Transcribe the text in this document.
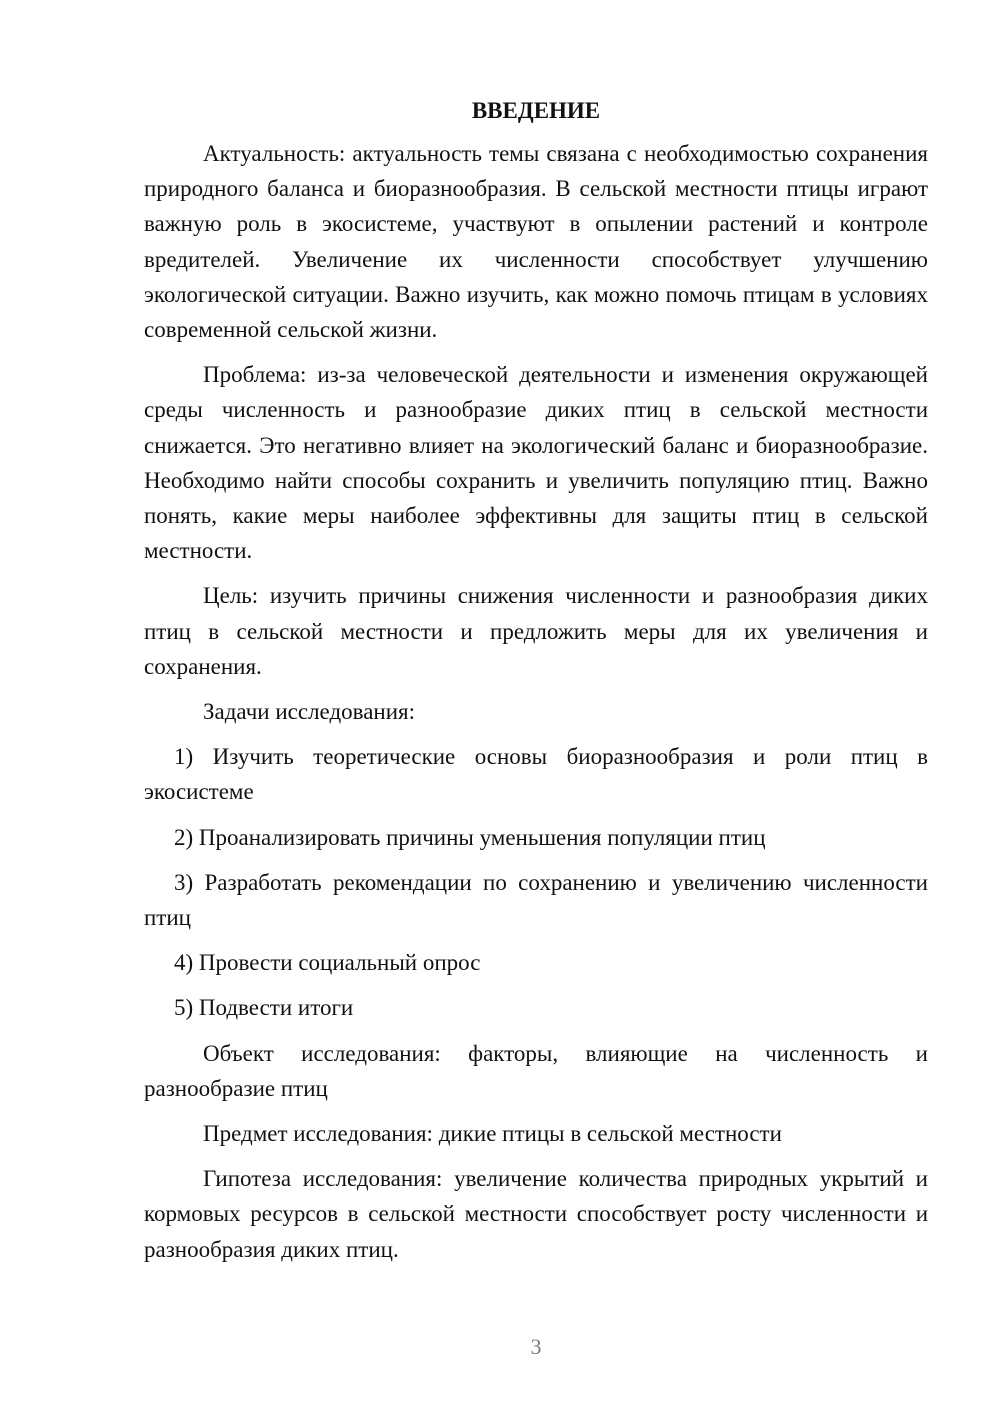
ВВЕДЕНИЕ

Актуальность: актуальность темы связана с необходимостью сохранения природного баланса и биоразнообразия. В сельской местности птицы играют важную роль в экосистеме, участвуют в опылении растений и контроле вредителей. Увеличение их численности способствует улучшению экологической ситуации. Важно изучить, как можно помочь птицам в условиях современной сельской жизни.

Проблема: из-за человеческой деятельности и изменения окружающей среды численность и разнообразие диких птиц в сельской местности снижается. Это негативно влияет на экологический баланс и биоразнообразие. Необходимо найти способы сохранить и увеличить популяцию птиц. Важно понять, какие меры наиболее эффективны для защиты птиц в сельской местности.

Цель: изучить причины снижения численности и разнообразия диких птиц в сельской местности и предложить меры для их увеличения и сохранения.

Задачи исследования:

1) Изучить теоретические основы биоразнообразия и роли птиц в экосистеме

2) Проанализировать причины уменьшения популяции птиц

3) Разработать рекомендации по сохранению и увеличению численности птиц

4) Провести социальный опрос

5) Подвести итоги

Объект исследования: факторы, влияющие на численность и разнообразие птиц

Предмет исследования: дикие птицы в сельской местности

Гипотеза исследования: увеличение количества природных укрытий и кормовых ресурсов в сельской местности способствует росту численности и разнообразия диких птиц.

3
